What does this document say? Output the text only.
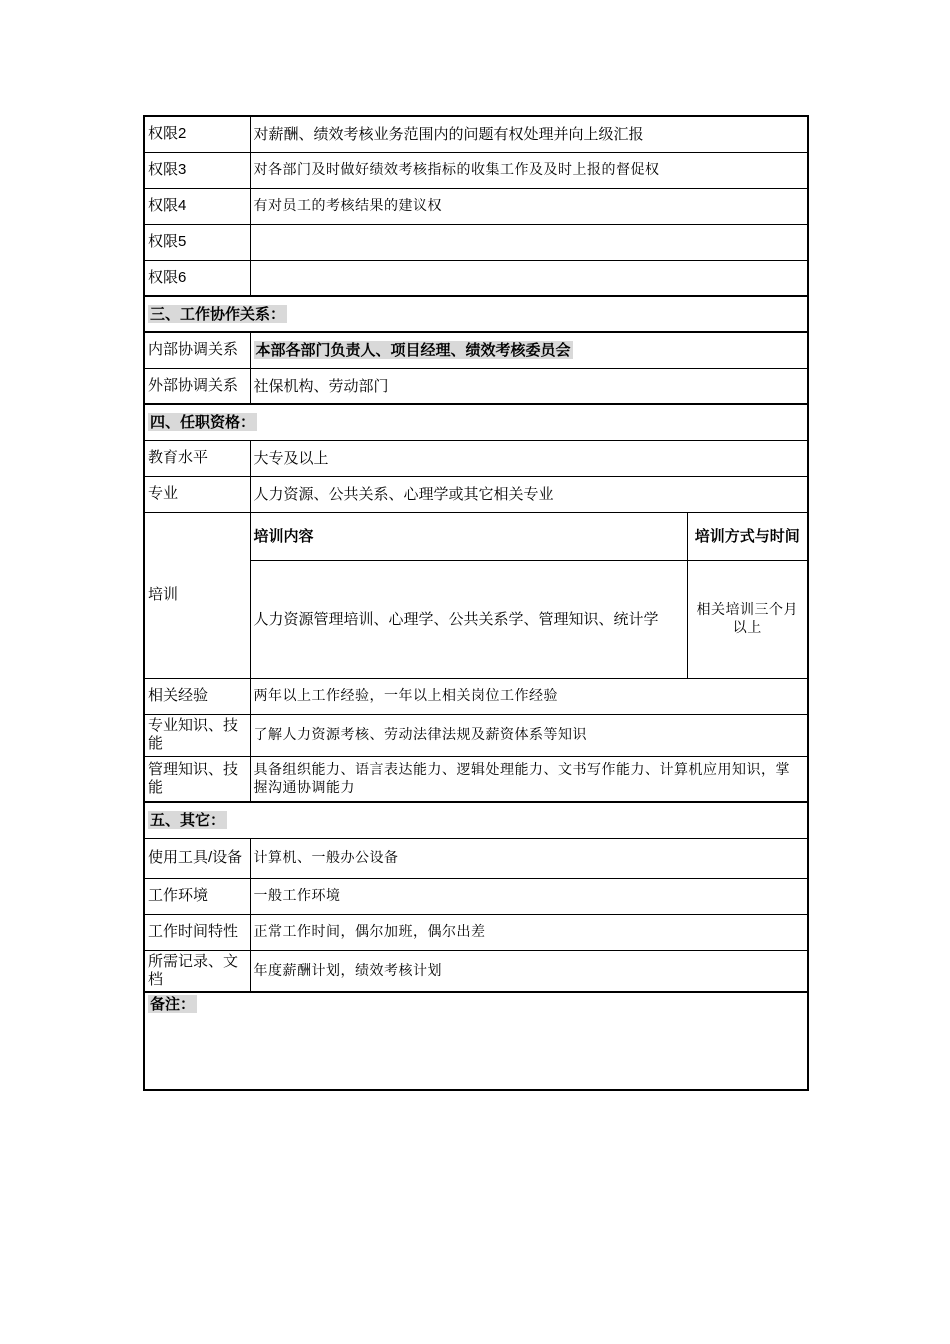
权限2	对薪酬、绩效考核业务范围内的问题有权处理并向上级汇报	
权限3	对各部门及时做好绩效考核指标的收集工作及及时上报的督促权	
权限4	有对员工的考核结果的建议权	
权限5		
权限6		
三、工作协作关系：		
内部协调关系	本部各部门负责人、项目经理、绩效考核委员会	
外部协调关系	社保机构、劳动部门	
四、任职资格：		
教育水平	大专及以上	
专业	人力资源、公共关系、心理学或其它相关专业	
培训	培训内容	培训方式与时间
	人力资源管理培训、心理学、公共关系学、管理知识、统计学	相关培训三个月以上
相关经验	两年以上工作经验，一年以上相关岗位工作经验	
专业知识、技能	了解人力资源考核、劳动法律法规及薪资体系等知识	
管理知识、技能	具备组织能力、语言表达能力、逻辑处理能力、文书写作能力、计算机应用知识，掌握沟通协调能力	
五、其它：		
使用工具/设备	计算机、一般办公设备	
工作环境	一般工作环境	
工作时间特性	正常工作时间，偶尔加班，偶尔出差	
所需记录、文档	年度薪酬计划，绩效考核计划	
备注：		
